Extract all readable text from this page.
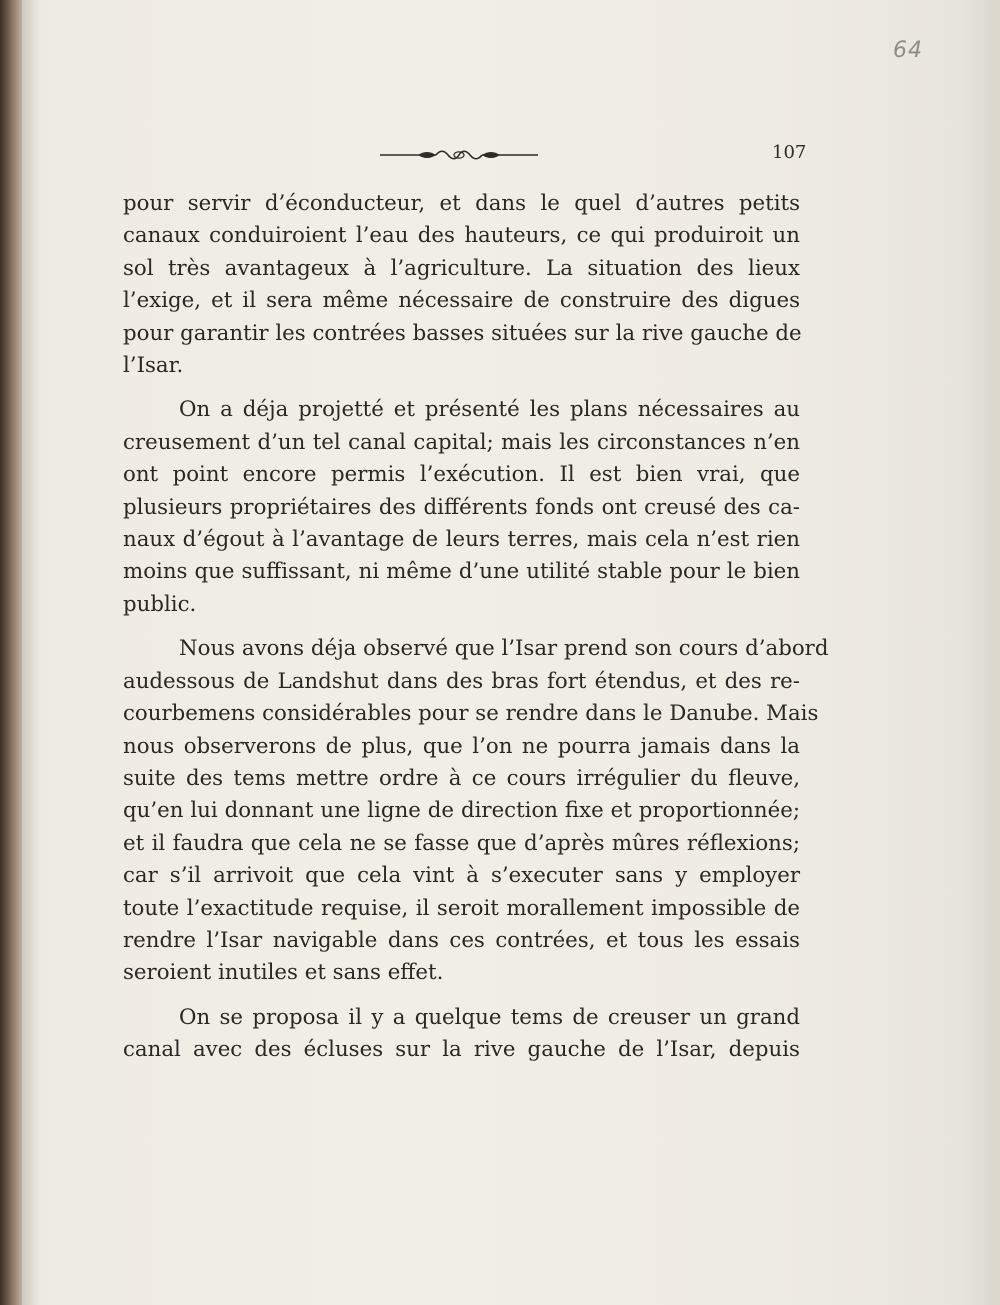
64
107

pour servir d’éconducteur, et dans le quel d’autres petits
canaux conduiroient l’eau des hauteurs, ce qui produiroit un
sol très avantageux à l’agriculture. La situation des lieux
l’exige, et il sera même nécessaire de construire des digues
pour garantir les contrées basses situées sur la rive gauche de
l’Isar.

On a déja projetté et présenté les plans nécessaires au
creusement d’un tel canal capital; mais les circonstances n’en
ont point encore permis l’exécution. Il est bien vrai, que
plusieurs propriétaires des différents fonds ont creusé des ca-
naux d’égout à l’avantage de leurs terres, mais cela n’est rien
moins que suffissant, ni même d’une utilité stable pour le bien
public.

Nous avons déja observé que l’Isar prend son cours d’abord
audessous de Landshut dans des bras fort étendus, et des re-
courbemens considérables pour se rendre dans le Danube. Mais
nous observerons de plus, que l’on ne pourra jamais dans la
suite des tems mettre ordre à ce cours irrégulier du fleuve,
qu’en lui donnant une ligne de direction fixe et proportionnée;
et il faudra que cela ne se fasse que d’après mûres réflexions;
car s’il arrivoit que cela vint à s’executer sans y employer
toute l’exactitude requise, il seroit morallement impossible de
rendre l’Isar navigable dans ces contrées, et tous les essais
seroient inutiles et sans effet.

On se proposa il y a quelque tems de creuser un grand
canal avec des écluses sur la rive gauche de l’Isar, depuis
